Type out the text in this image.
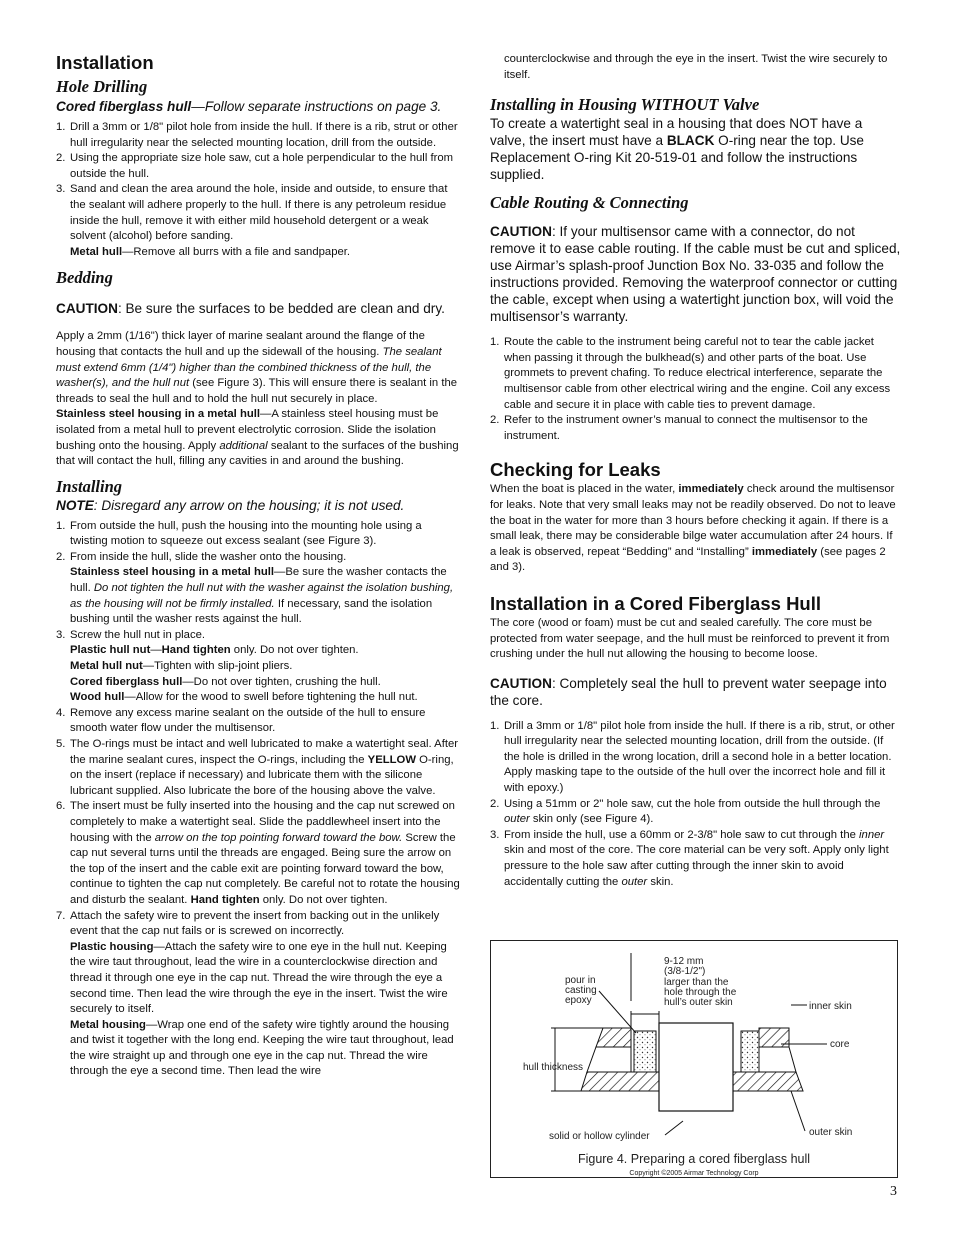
Installation
Hole Drilling

Cored fiberglass hull—Follow separate instructions on page 3.

1. Drill a 3mm or 1/8" pilot hole from inside the hull. If there is a rib, strut or other hull irregularity near the selected mounting location, drill from the outside.
2. Using the appropriate size hole saw, cut a hole perpendicular to the hull from outside the hull.
3. Sand and clean the area around the hole, inside and outside, to ensure that the sealant will adhere properly to the hull. If there is any petroleum residue inside the hull, remove it with either mild household detergent or a weak solvent (alcohol) before sanding.
Metal hull—Remove all burrs with a file and sandpaper.
Bedding

CAUTION: Be sure the surfaces to be bedded are clean and dry.

Apply a 2mm (1/16") thick layer of marine sealant around the flange of the housing that contacts the hull and up the sidewall of the housing. The sealant must extend 6mm (1/4") higher than the combined thickness of the hull, the washer(s), and the hull nut (see Figure 3). This will ensure there is sealant in the threads to seal the hull and to hold the hull nut securely in place.

Stainless steel housing in a metal hull—A stainless steel housing must be isolated from a metal hull to prevent electrolytic corrosion. Slide the isolation bushing onto the housing. Apply additional sealant to the surfaces of the bushing that will contact the hull, filling any cavities in and around the bushing.

Installing

NOTE: Disregard any arrow on the housing; it is not used.

1. From outside the hull, push the housing into the mounting hole using a twisting motion to squeeze out excess sealant (see Figure 3).
2. From inside the hull, slide the washer onto the housing.
Stainless steel housing in a metal hull—Be sure the washer contacts the hull. Do not tighten the hull nut with the washer against the isolation bushing, as the housing will not be firmly installed. If necessary, sand the isolation bushing until the washer rests against the hull.
3. Screw the hull nut in place.
Plastic hull nut—Hand tighten only. Do not over tighten.
Metal hull nut—Tighten with slip-joint pliers.
Cored fiberglass hull—Do not over tighten, crushing the hull.
Wood hull—Allow for the wood to swell before tightening the hull nut.
4. Remove any excess marine sealant on the outside of the hull to ensure smooth water flow under the multisensor.
5. The O-rings must be intact and well lubricated to make a watertight seal. After the marine sealant cures, inspect the O-rings, including the YELLOW O-ring, on the insert (replace if necessary) and lubricate them with the silicone lubricant supplied. Also lubricate the bore of the housing above the valve.
6. The insert must be fully inserted into the housing and the cap nut screwed on completely to make a watertight seal. Slide the paddlewheel insert into the housing with the arrow on the top pointing forward toward the bow. Screw the cap nut several turns until the threads are engaged. Being sure the arrow on the top of the insert and the cable exit are pointing forward toward the bow, continue to tighten the cap nut completely. Be careful not to rotate the housing and disturb the sealant. Hand tighten only. Do not over tighten.
7. Attach the safety wire to prevent the insert from backing out in the unlikely event that the cap nut fails or is screwed on incorrectly.
Plastic housing—Attach the safety wire to one eye in the hull nut. Keeping the wire taut throughout, lead the wire in a counterclockwise direction and thread it through one eye in the cap nut. Thread the wire through the eye a second time. Then lead the wire through the eye in the insert. Twist the wire securely to itself.
Metal housing—Wrap one end of the safety wire tightly around the housing and twist it together with the long end. Keeping the wire taut throughout, lead the wire straight up and through one eye in the cap nut. Thread the wire through the eye a second time. Then lead the wire

counterclockwise and through the eye in the insert. Twist the wire securely to itself.

Installing in Housing WITHOUT Valve

To create a watertight seal in a housing that does NOT have a valve, the insert must have a BLACK O-ring near the top. Use Replacement O-ring Kit 20-519-01 and follow the instructions supplied.

Cable Routing & Connecting

CAUTION: If your multisensor came with a connector, do not remove it to ease cable routing. If the cable must be cut and spliced, use Airmar’s splash-proof Junction Box No. 33-035 and follow the instructions provided. Removing the waterproof connector or cutting the cable, except when using a watertight junction box, will void the multisensor’s warranty.

1. Route the cable to the instrument being careful not to tear the cable jacket when passing it through the bulkhead(s) and other parts of the boat. Use grommets to prevent chafing. To reduce electrical interference, separate the multisensor cable from other electrical wiring and the engine. Coil any excess cable and secure it in place with cable ties to prevent damage.
2. Refer to the instrument owner’s manual to connect the multisensor to the instrument.
Checking for Leaks

When the boat is placed in the water, immediately check around the multisensor for leaks. Note that very small leaks may not be readily observed. Do not to leave the boat in the water for more than 3 hours before checking it again. If there is a small leak, there may be considerable bilge water accumulation after 24 hours. If a leak is observed, repeat “Bedding” and “Installing” immediately (see pages 2 and 3).

Installation in a Cored Fiberglass Hull

The core (wood or foam) must be cut and sealed carefully. The core must be protected from water seepage, and the hull must be reinforced to prevent it from crushing under the hull nut allowing the housing to become loose.

CAUTION: Completely seal the hull to prevent water seepage into the core.

1. Drill a 3mm or 1/8" pilot hole from inside the hull. If there is a rib, strut, or other hull irregularity near the selected mounting location, drill from the outside. (If the hole is drilled in the wrong location, drill a second hole in a better location. Apply masking tape to the outside of the hull over the incorrect hole and fill it with epoxy.)
2. Using a 51mm or 2" hole saw, cut the hole from outside the hull through the outer skin only (see Figure 4).
3. From inside the hull, use a 60mm or 2-3/8" hole saw to cut through the inner skin and most of the core. The core material can be very soft. Apply only light pressure to the hole saw after cutting through the inner skin to avoid accidentally cutting the outer skin.
pour in
casting
epoxy
9-12 mm
(3/8-1/2")
larger than the
hole through the
hull’s outer skin	inner skin
core
hull thickness
solid or hollow cylinder	outer skin
Figure 4. Preparing a cored fiberglass hull
Copyright ©2005 Airmar Technology Corp
3
